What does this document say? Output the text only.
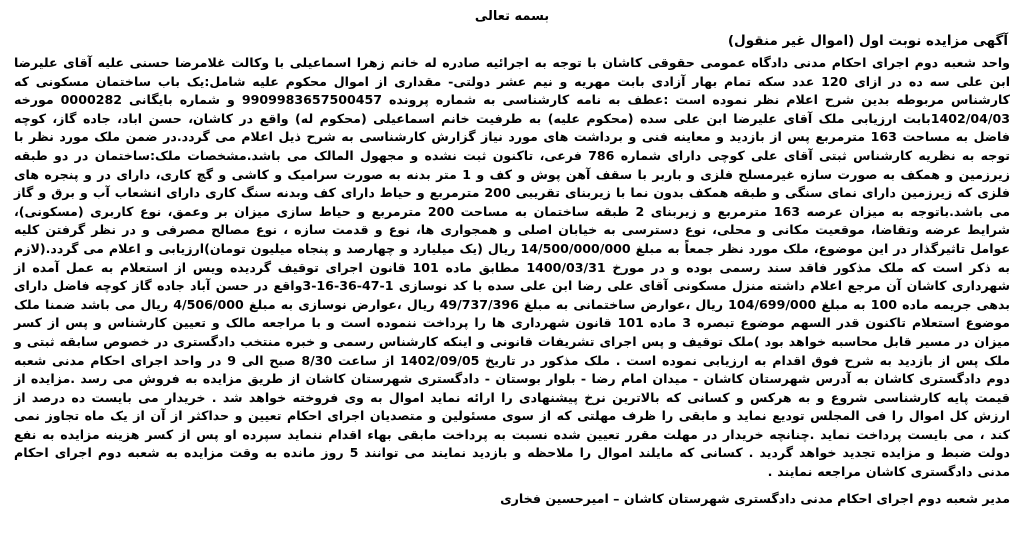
بسمه تعالی
آگهی مزایده نوبت اول (اموال غیر منقول)

واحد شعبه دوم اجرای احکام مدنی دادگاه عمومی حقوقی کاشان با توجه به اجرائیه صادره له خانم زهرا اسماعیلی با وکالت غلامرضا حسنی علیه آقای علیرضا ابن علی سه ده در ازای 120 عدد سکه تمام بهار آزادی بابت مهریه و نیم عشر دولتی- مقداری از اموال محکوم علیه شامل:یک باب ساختمان مسکونی که کارشناس مربوطه بدین شرح اعلام نظر نموده است :عطف به نامه کارشناسی به شماره پرونده 9909983657500457 و شماره بایگانی 0000282 مورخه 1402/04/03بابت ارزیابی ملک آقای علیرضا ابن علی سده (محکوم علیه) به طرفیت خانم اسماعیلی (محکوم له) واقع در کاشان، حسن اباد، جاده گاز، کوچه فاضل به مساحت 163 مترمربع پس از بازدید و معاینه فنی و برداشت های مورد نیاز گزارش کارشناسی به شرح ذیل اعلام می گردد.در ضمن ملک مورد نظر با توجه به نظریه کارشناس ثبتی آقای علی کوچی دارای شماره 786 فرعی، تاکنون ثبت نشده و مجهول المالک می باشد.مشخصات ملک:ساختمان در دو طبقه زیرزمین و همکف به صورت سازه غیرمسلح فلزی و باربر با سقف آهن پوش و کف و 1 متر بدنه به صورت سرامیک و کاشی و گچ کاری، دارای در و پنجره های فلزی که زیرزمین دارای نمای سنگی و طبقه همکف بدون نما با زیربنای تقریبی 200 مترمربع و حیاط دارای کف وبدنه سنگ کاری دارای انشعاب آب و برق و گاز می باشد.باتوجه به میزان عرصه 163 مترمربع و زیربنای 2 طبقه ساختمان به مساحت 200 مترمربع و حیاط سازی میزان بر وعمق، نوع کاربری (مسکونی)، شرایط عرضه وتقاضا، موقعیت مکانی و محلی، نوع دسترسی به خیابان اصلی و همجواری ها، نوع و قدمت سازه ، نوع مصالح مصرفی و در نظر گرفتن کلیه عوامل تاثیرگذار در این موضوع، ملک مورد نظر جمعاً به مبلغ 14/500/000/000 ریال (یک میلیارد و چهارصد و پنجاه میلیون تومان)ارزیابی و اعلام می گردد.(لازم به ذکر است که ملک مذکور فاقد سند رسمی بوده و در مورخ 1400/03/31 مطابق ماده 101 قانون اجرای توقیف گردیده ویس از استعلام به عمل آمده از شهرداری کاشان آن مرجع اعلام داشته منزل مسکونی آقای علی رضا ابن علی سده با کد نوسازی 1-47-36-16-3واقع در حسن آباد جاده گاز کوچه فاضل دارای بدهی جریمه ماده 100 به مبلغ 104/699/000 ریال ،عوارض ساختمانی به مبلغ 49/737/396 ریال ،عوارض نوسازی به مبلغ 4/506/000 ریال می باشد ضمنا ملک موضوع استعلام تاکنون قدر السهم موضوع تبصره 3 ماده 101 قانون شهرداری ها را پرداخت ننموده است و با مراجعه مالک و تعیین کارشناس و پس از کسر میزان در مسیر قابل محاسبه خواهد بود )ملک توقیف و پس اجرای تشریفات قانونی و اینکه کارشناس رسمی و خبره منتخب دادگستری در خصوص سابقه ثبتی و ملک پس از بازدید به شرح فوق اقدام به ارزیابی نموده است . ملک مذکور در تاریخ 1402/09/05 از ساعت 8/30 صبح الی 9 در واحد اجرای احکام مدنی شعبه دوم دادگستری کاشان به آدرس شهرستان کاشان - میدان امام رضا - بلوار بوستان - دادگستری شهرستان کاشان از طریق مزایده به فروش می رسد .مزایده از قیمت پایه کارشناسی شروع و به هرکس و کسانی که بالاترین نرخ پیشنهادی را ارائه نماید اموال به وی فروخته خواهد شد . خریدار می بایست ده درصد از ارزش کل اموال را فی المجلس تودیع نماید و مابقی را ظرف مهلتی که از سوی مسئولین و متصدیان اجرای احکام تعیین و حداکثر از آن از یک ماه تجاوز نمی کند ، می بایست پرداخت نماید .چنانچه خریدار در مهلت مقرر تعیین شده نسبت به پرداخت مابقی بهاء اقدام ننماید سپرده او پس از کسر هزینه مزایده به نفع دولت ضبط و مزایده تجدید خواهد گردید . کسانی که مایلند اموال را ملاحظه و بازدید نمایند می توانند 5 روز مانده به وقت مزایده به شعبه دوم اجرای احکام مدنی دادگستری کاشان مراجعه نمایند .

مدیر شعبه دوم اجرای احکام مدنی دادگستری شهرستان کاشان – امیرحسین فخاری
